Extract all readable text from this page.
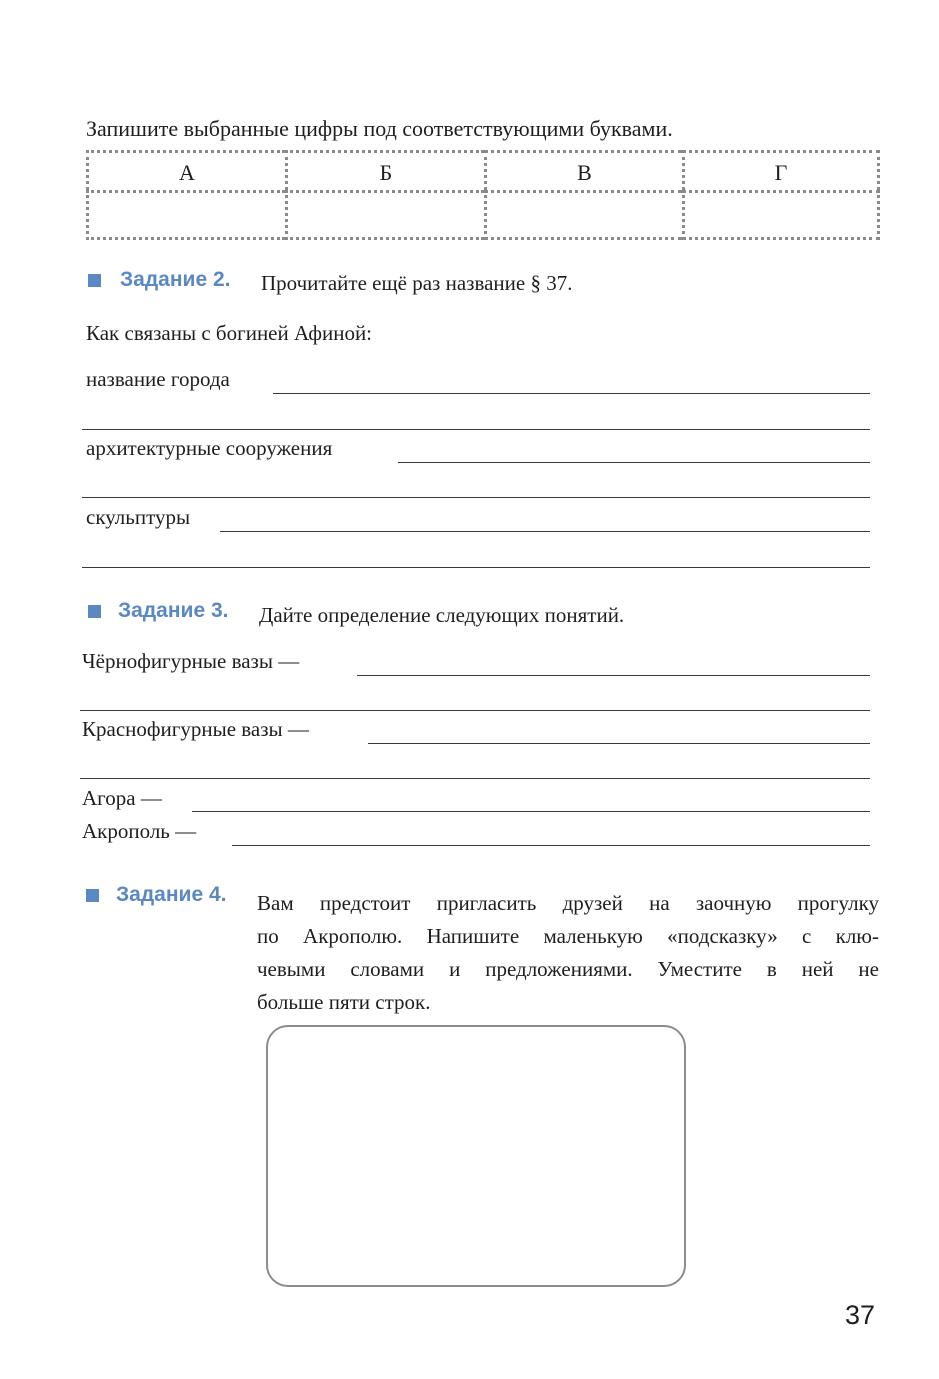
Запишите выбранные цифры под соответствующими буквами.
А	Б	В	Г
Задание 2. Прочитайте ещё раз название § 37.
Как связаны с богиней Афиной:
название города
архитектурные сооружения
скульптуры
Задание 3. Дайте определение следующих понятий.
Чёрнофигурные вазы —
Краснофигурные вазы —
Агора —
Акрополь —
Задание 4. Вам предстоит пригласить друзей на заочную прогулку
по Акрополю. Напишите маленькую «подсказку» с клю-
чевыми словами и предложениями. Уместите в ней не
больше пяти строк.
37
